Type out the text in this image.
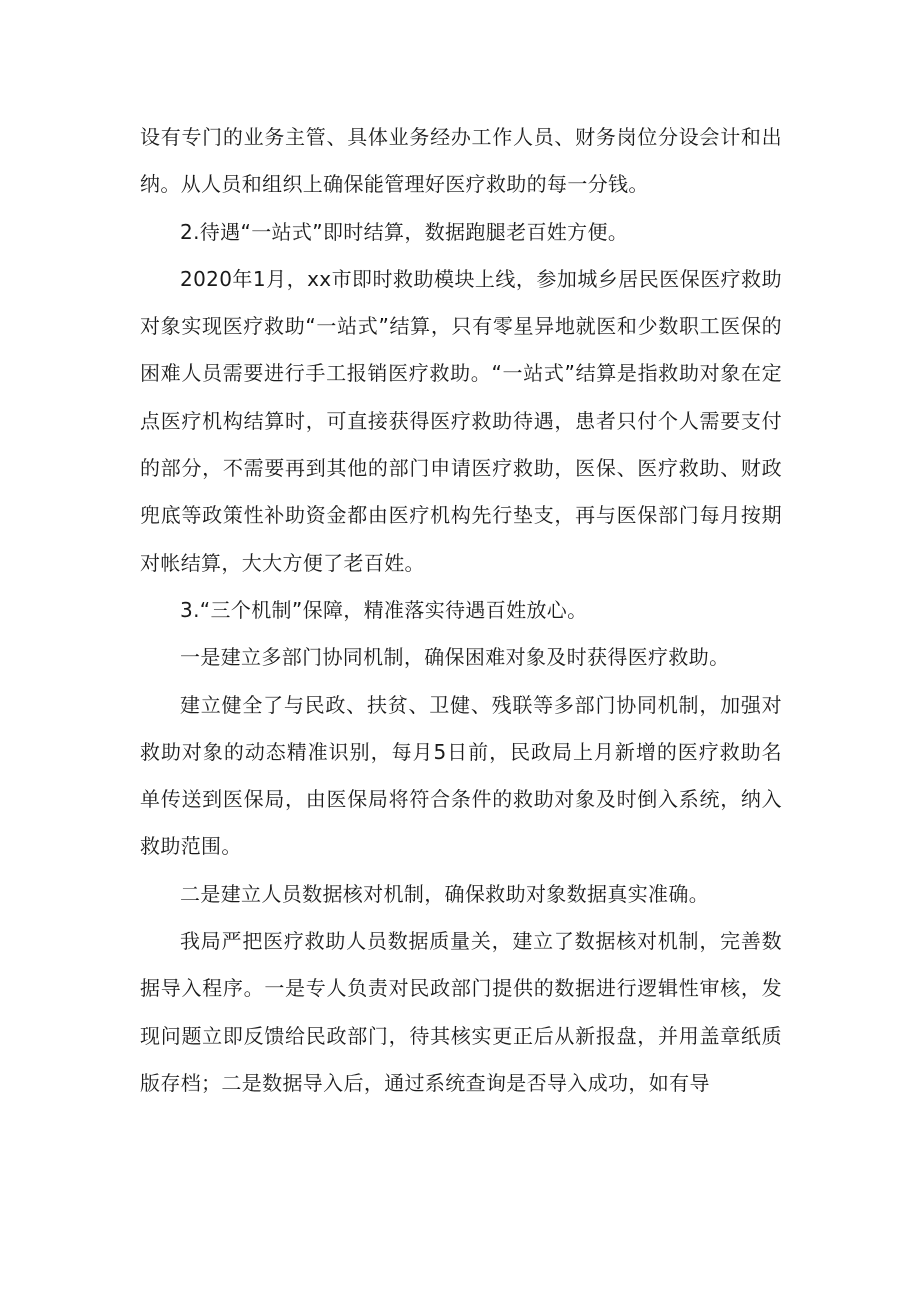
设有专门的业务主管、具体业务经办工作人员、财务岗位分设会计和出纳。从人员和组织上确保能管理好医疗救助的每一分钱。

2.待遇“一站式”即时结算，数据跑腿老百姓方便。

2020年1月，xx市即时救助模块上线，参加城乡居民医保医疗救助对象实现医疗救助“一站式”结算，只有零星异地就医和少数职工医保的困难人员需要进行手工报销医疗救助。“一站式”结算是指救助对象在定点医疗机构结算时，可直接获得医疗救助待遇，患者只付个人需要支付的部分，不需要再到其他的部门申请医疗救助，医保、医疗救助、财政兜底等政策性补助资金都由医疗机构先行垫支，再与医保部门每月按期对帐结算，大大方便了老百姓。

3.“三个机制”保障，精准落实待遇百姓放心。

一是建立多部门协同机制，确保困难对象及时获得医疗救助。

建立健全了与民政、扶贫、卫健、残联等多部门协同机制，加强对救助对象的动态精准识别，每月5日前，民政局上月新增的医疗救助名单传送到医保局，由医保局将符合条件的救助对象及时倒入系统，纳入救助范围。

二是建立人员数据核对机制，确保救助对象数据真实准确。

我局严把医疗救助人员数据质量关，建立了数据核对机制，完善数据导入程序。一是专人负责对民政部门提供的数据进行逻辑性审核，发现问题立即反馈给民政部门，待其核实更正后从新报盘，并用盖章纸质版存档；二是数据导入后，通过系统查询是否导入成功，如有导
